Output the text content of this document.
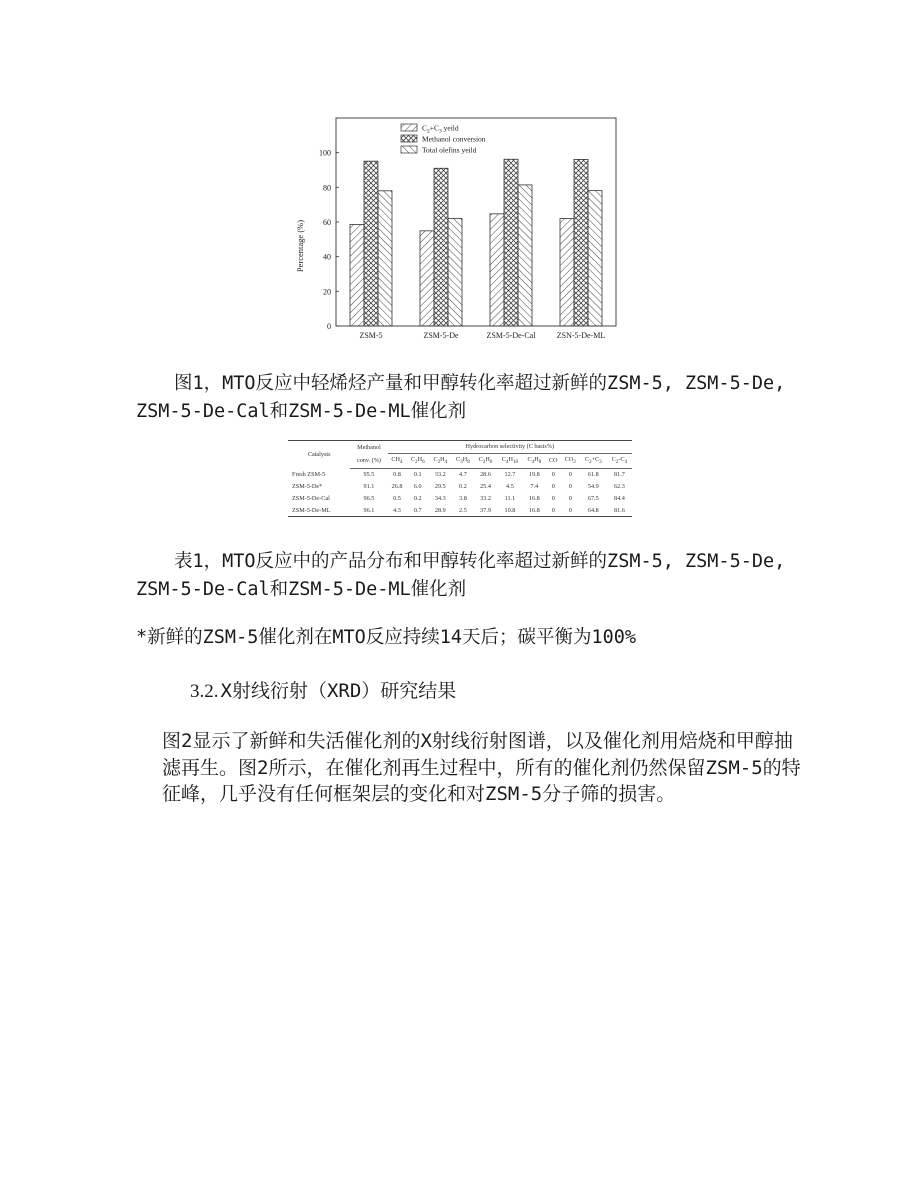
0
20
40
60
80
100
ZSM-5	ZSM-5-De	ZSM-5-De-Cal	ZSN-5-De-ML
$C_2+C_3$ yeild
Methanol conversion
Total olefins yeild
Percentage (%)
图1，MTO反应中轻烯烃产量和甲醇转化率超过新鲜的ZSM-5, ZSM-5-De, ZSM-5-De-Cal和ZSM-5-De-ML催化剂
Catalysts	Methanol	Hydrocarbon selectivity (C basis%)										
	conv. (%)	$CH_4$	$C_2H_6$	$C_2H_4$	$C_3H_8$	$C_3H_6$	$C_4H_{10}$	$C_4H_8$	CO	$CO_2$	$C_2+C_3$	$C_2-C_4$
Fresh ZSM-5	95.5	0.8	0.1	33.2	4.7	28.6	12.7	19.8	0	0	61.8	81.7
ZSM-5-De*	91.1	26.8	6.0	29.5	0.2	25.4	4.5	7.4	0	0	54.9	62.3
ZSM-5-De-Cal	96.5	0.5	0.2	34.3	3.8	33.2	11.1	16.8	0	0	67.5	84.4
ZSM-5-De-ML	96.1	4.3	0.7	28.9	2.5	37.9	10.8	16.8	0	0	64.8	81.6
表1，MTO反应中的产品分布和甲醇转化率超过新鲜的ZSM-5, ZSM-5-De, ZSM-5-De-Cal和ZSM-5-De-ML催化剂
*新鲜的ZSM-5催化剂在MTO反应持续14天后；碳平衡为100%
3.2. X射线衍射（XRD）研究结果
图2显示了新鲜和失活催化剂的X射线衍射图谱，以及催化剂用焙烧和甲醇抽滤再生。图2所示，在催化剂再生过程中，所有的催化剂仍然保留ZSM-5的特征峰，几乎没有任何框架层的变化和对ZSM-5分子筛的损害。
